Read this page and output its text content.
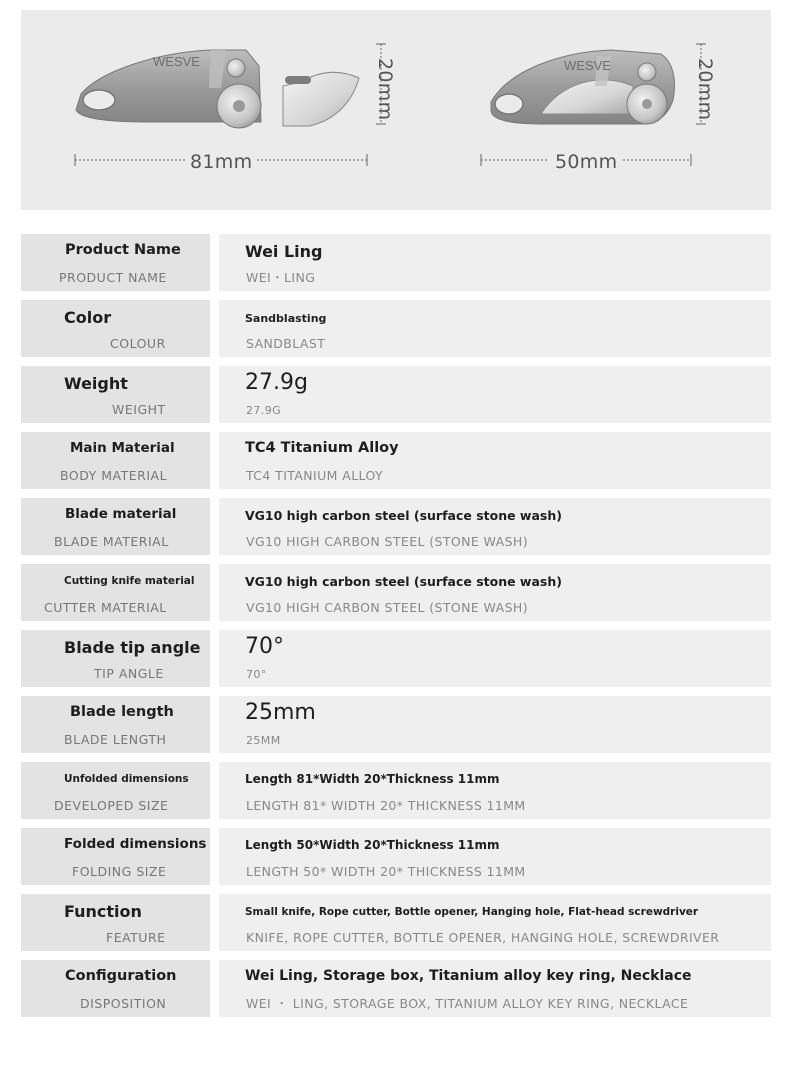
WESVE	WESVE
81mm
20mm
50mm
20mm
Product Name
PRODUCT NAME
Wei Ling
WEI・LING
Color
COLOUR
Sandblasting
SANDBLAST
Weight
WEIGHT
27.9g
27.9G
Main Material
BODY MATERIAL
TC4 Titanium Alloy
TC4 TITANIUM ALLOY
Blade material
BLADE MATERIAL
VG10 high carbon steel (surface stone wash)
VG10 HIGH CARBON STEEL (STONE WASH)
Cutting knife material
CUTTER MATERIAL
VG10 high carbon steel (surface stone wash)
VG10 HIGH CARBON STEEL (STONE WASH)
Blade tip angle
TIP ANGLE
70°
70°
Blade length
BLADE LENGTH
25mm
25MM
Unfolded dimensions
DEVELOPED SIZE
Length 81*Width 20*Thickness 11mm
LENGTH 81* WIDTH 20* THICKNESS 11MM
Folded dimensions
FOLDING SIZE
Length 50*Width 20*Thickness 11mm
LENGTH 50* WIDTH 20* THICKNESS 11MM
Function
FEATURE
Small knife, Rope cutter, Bottle opener, Hanging hole, Flat-head screwdriver
KNIFE, ROPE CUTTER, BOTTLE OPENER, HANGING HOLE, SCREWDRIVER
Configuration
DISPOSITION
Wei Ling, Storage box, Titanium alloy key ring, Necklace
WEI ・ LING, STORAGE BOX, TITANIUM ALLOY KEY RING, NECKLACE
